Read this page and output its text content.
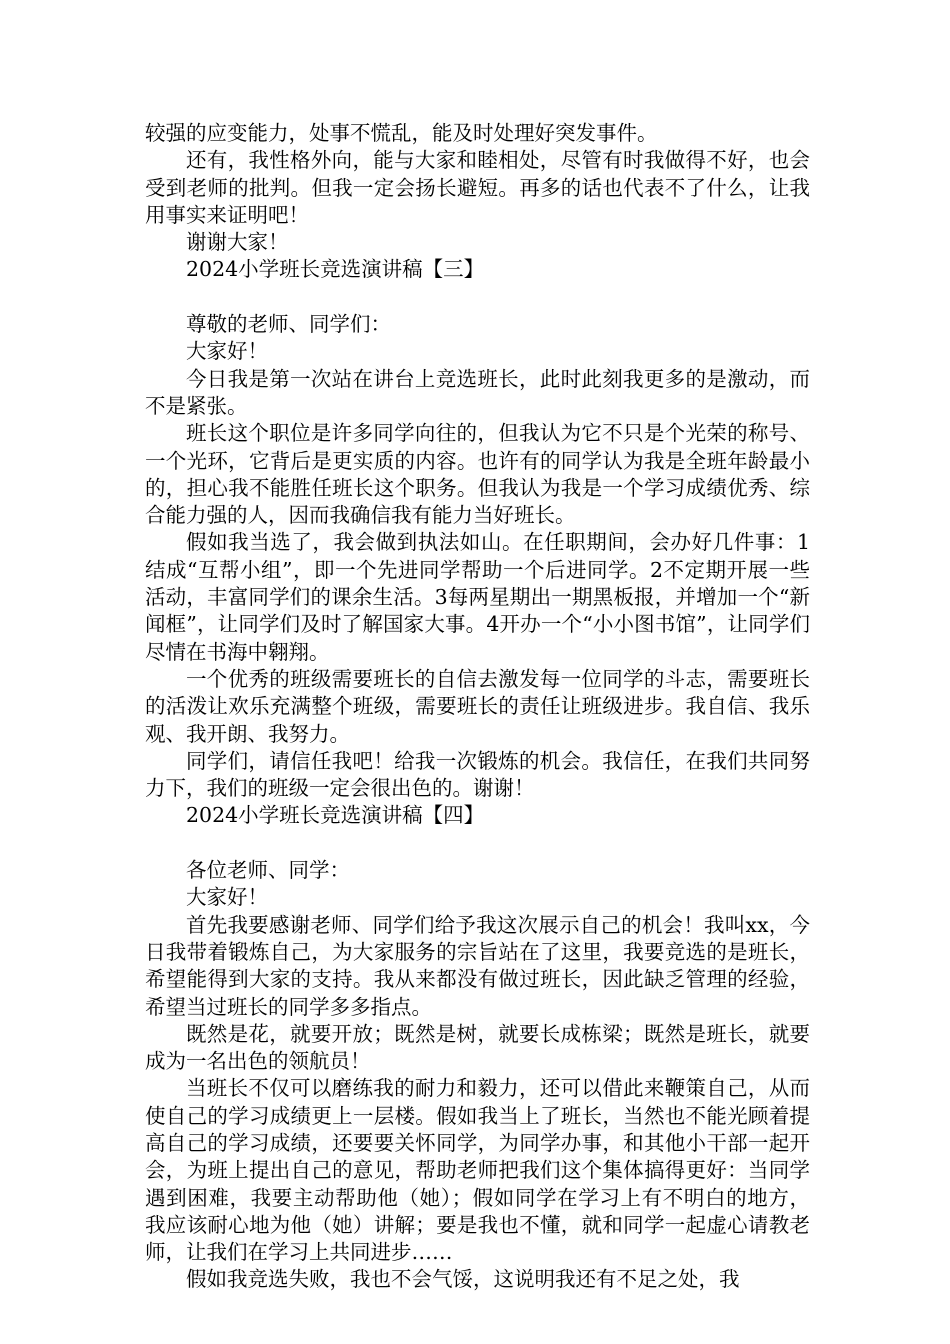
较强的应变能力，处事不慌乱，能及时处理好突发事件。

还有，我性格外向，能与大家和睦相处，尽管有时我做得不好，也会受到老师的批判。但我一定会扬长避短。再多的话也代表不了什么，让我用事实来证明吧！

谢谢大家！

2024小学班长竞选演讲稿【三】

尊敬的老师、同学们：

大家好！

今日我是第一次站在讲台上竞选班长，此时此刻我更多的是激动，而不是紧张。

班长这个职位是许多同学向往的，但我认为它不只是个光荣的称号、一个光环，它背后是更实质的内容。也许有的同学认为我是全班年龄最小的，担心我不能胜任班长这个职务。但我认为我是一个学习成绩优秀、综合能力强的人，因而我确信我有能力当好班长。

假如我当选了，我会做到执法如山。在任职期间，会办好几件事：1结成“互帮小组”，即一个先进同学帮助一个后进同学。2不定期开展一些活动，丰富同学们的课余生活。3每两星期出一期黑板报，并增加一个“新闻框”，让同学们及时了解国家大事。4开办一个“小小图书馆”，让同学们尽情在书海中翱翔。

一个优秀的班级需要班长的自信去激发每一位同学的斗志，需要班长的活泼让欢乐充满整个班级，需要班长的责任让班级进步。我自信、我乐观、我开朗、我努力。

同学们，请信任我吧！给我一次锻炼的机会。我信任，在我们共同努力下，我们的班级一定会很出色的。谢谢！

2024小学班长竞选演讲稿【四】

各位老师、同学：

大家好！

首先我要感谢老师、同学们给予我这次展示自己的机会！我叫xx，今日我带着锻炼自己，为大家服务的宗旨站在了这里，我要竞选的是班长，希望能得到大家的支持。我从来都没有做过班长，因此缺乏管理的经验，希望当过班长的同学多多指点。

既然是花，就要开放；既然是树，就要长成栋梁；既然是班长，就要成为一名出色的领航员！

当班长不仅可以磨练我的耐力和毅力，还可以借此来鞭策自己，从而使自己的学习成绩更上一层楼。假如我当上了班长，当然也不能光顾着提高自己的学习成绩，还要要关怀同学，为同学办事，和其他小干部一起开会，为班上提出自己的意见，帮助老师把我们这个集体搞得更好：当同学遇到困难，我要主动帮助他（她）；假如同学在学习上有不明白的地方，我应该耐心地为他（她）讲解；要是我也不懂，就和同学一起虚心请教老师，让我们在学习上共同进步……

假如我竞选失败，我也不会气馁，这说明我还有不足之处，我
